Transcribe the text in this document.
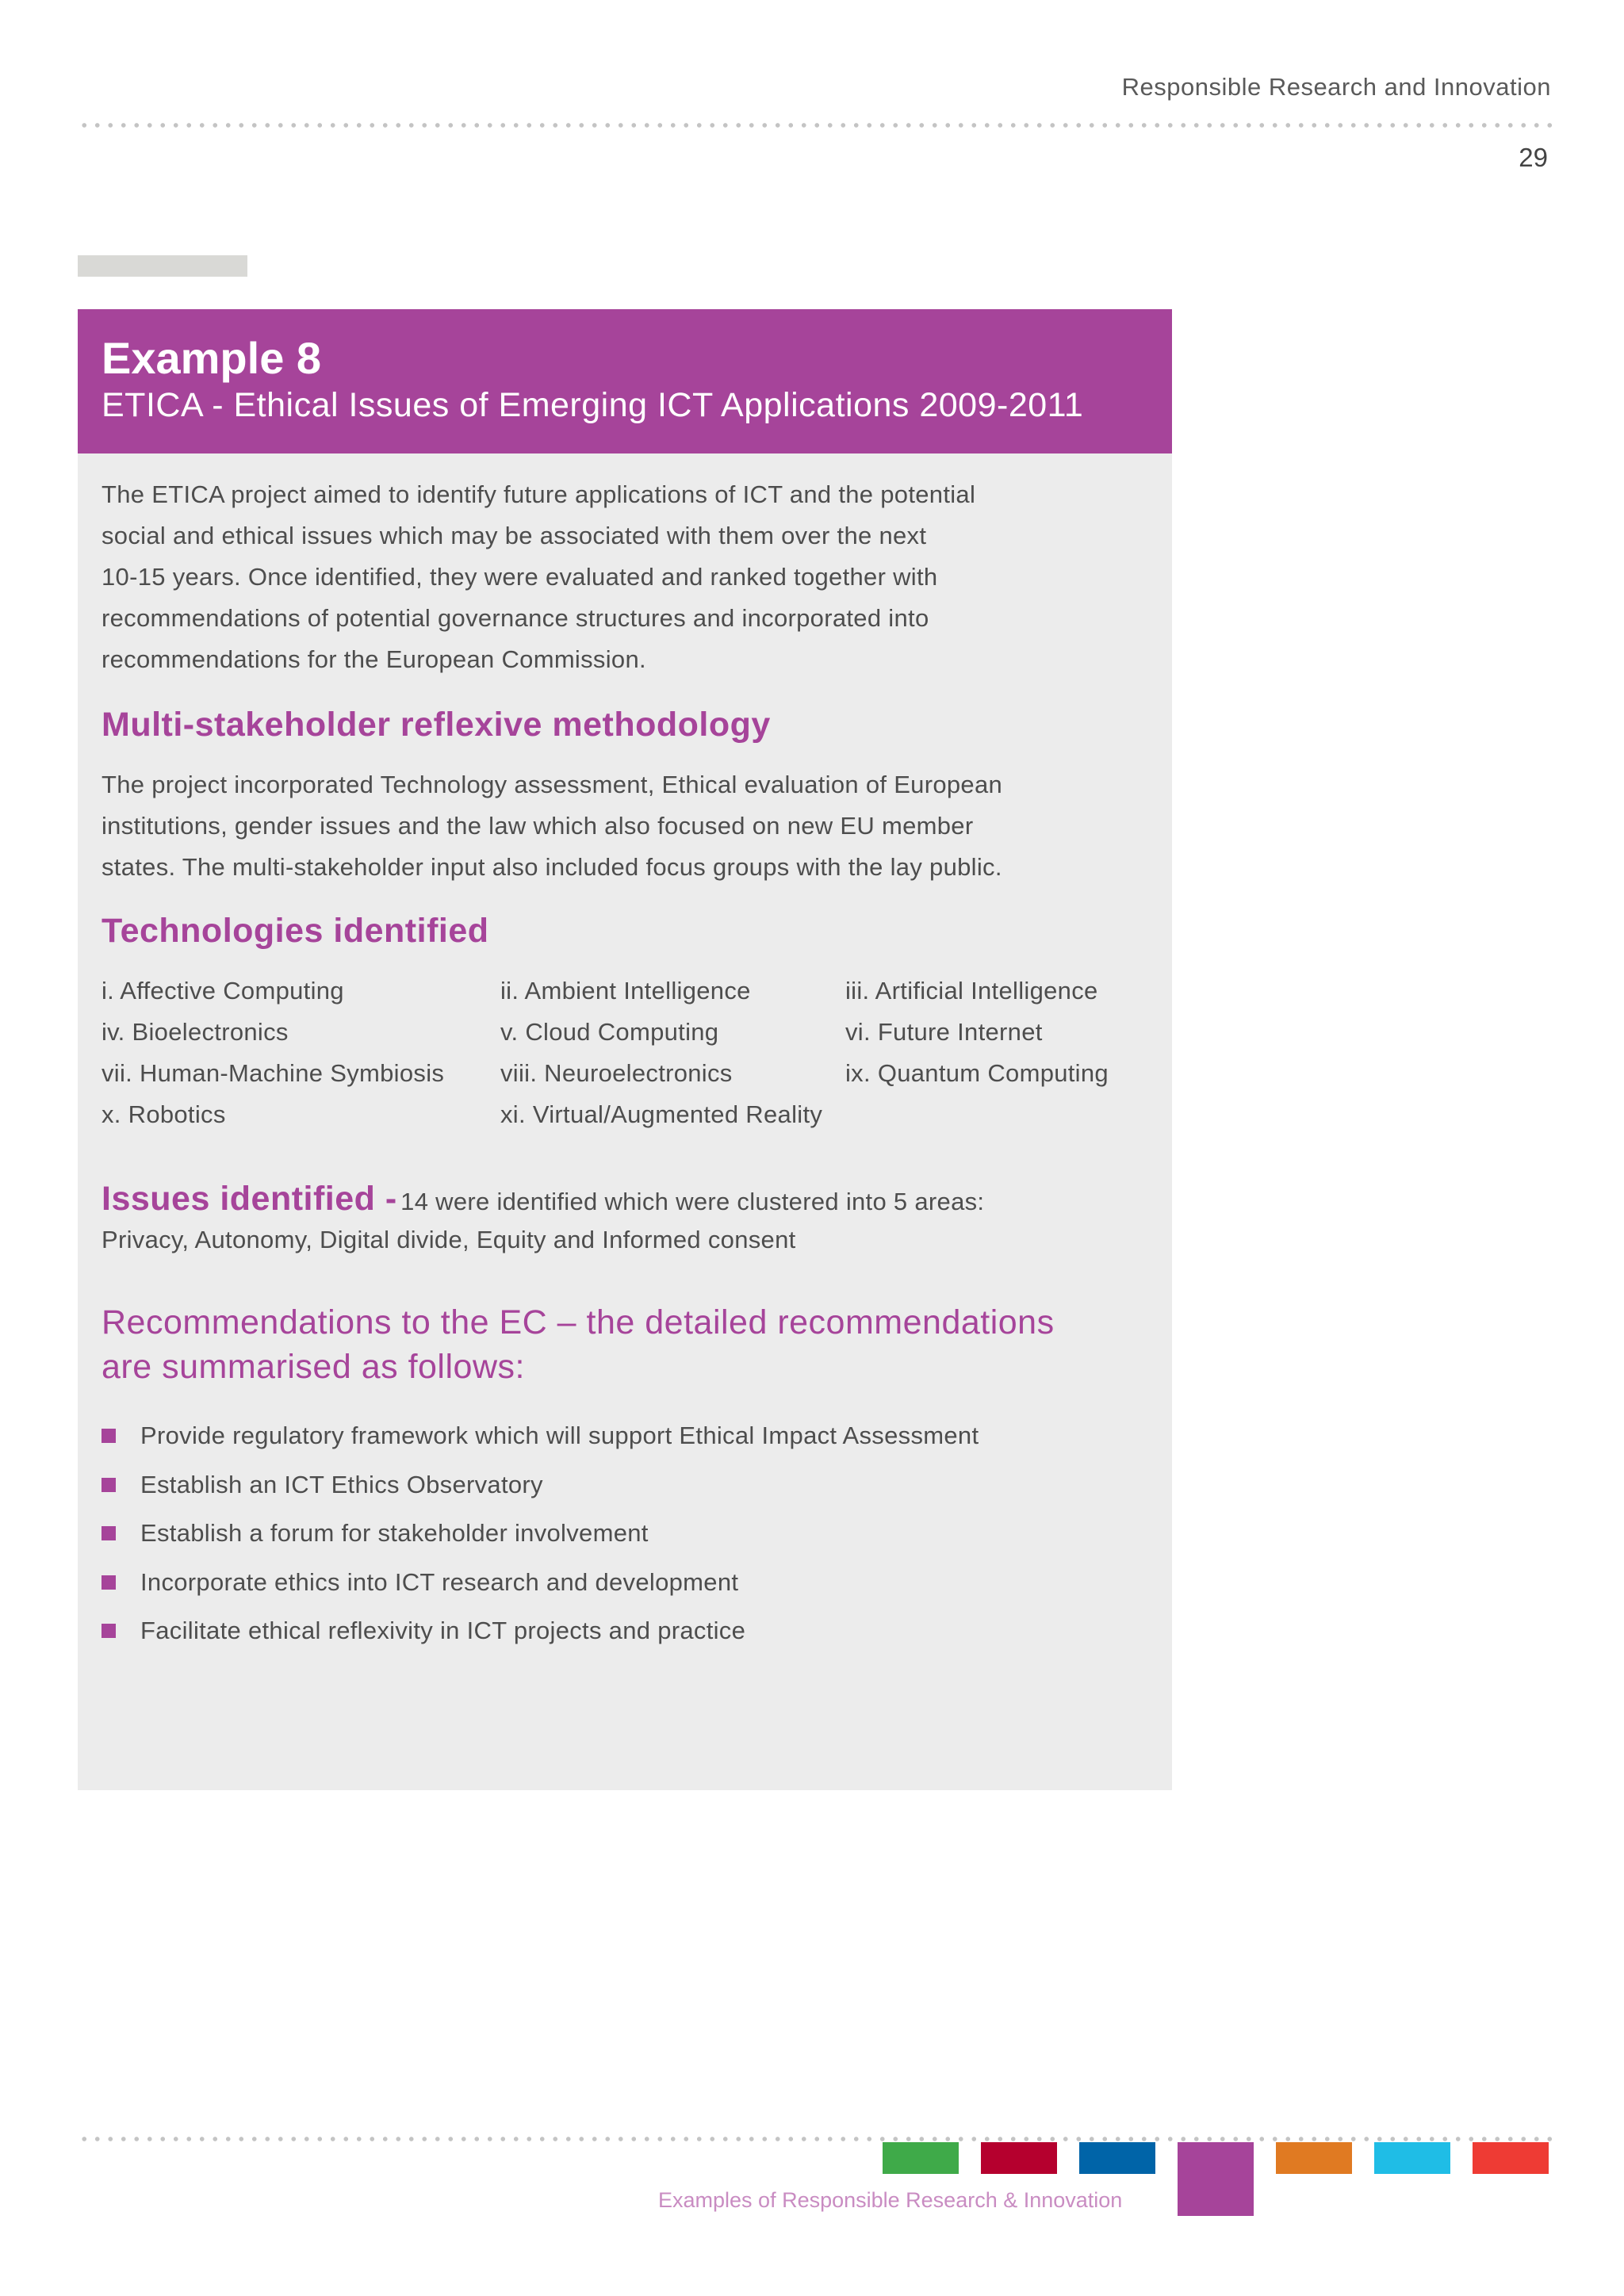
Responsible Research and Innovation
29
Example 8
ETICA - Ethical Issues of Emerging ICT Applications 2009-2011

The ETICA project aimed to identify future applications of ICT and the potential

social and ethical issues which may be associated with them over the next

10-15 years. Once identified, they were evaluated and ranked together with

recommendations of potential governance structures and incorporated into

recommendations for the European Commission.

Multi-stakeholder reflexive methodology

The project incorporated Technology assessment, Ethical evaluation of European

institutions, gender issues and the law which also focused on new EU member

states. The multi-stakeholder input also included focus groups with the lay public.

Technologies identified
i. Affective Computing	ii. Ambient Intelligence	iii. Artificial Intelligence
iv. Bioelectronics	v. Cloud Computing	vi. Future Internet
vii. Human-Machine Symbiosis	viii. Neuroelectronics	ix. Quantum Computing
x. Robotics	xi. Virtual/Augmented Reality
Issues identified - 14 were identified which were clustered into 5 areas:

Privacy, Autonomy, Digital divide, Equity and Informed consent

Recommendations to the EC – the detailed recommendations
are summarised as follows:
Provide regulatory framework which will support Ethical Impact Assessment
Establish an ICT Ethics Observatory
Establish a forum for stakeholder involvement
Incorporate ethics into ICT research and development
Facilitate ethical reflexivity in ICT projects and practice
Examples of Responsible Research & Innovation
